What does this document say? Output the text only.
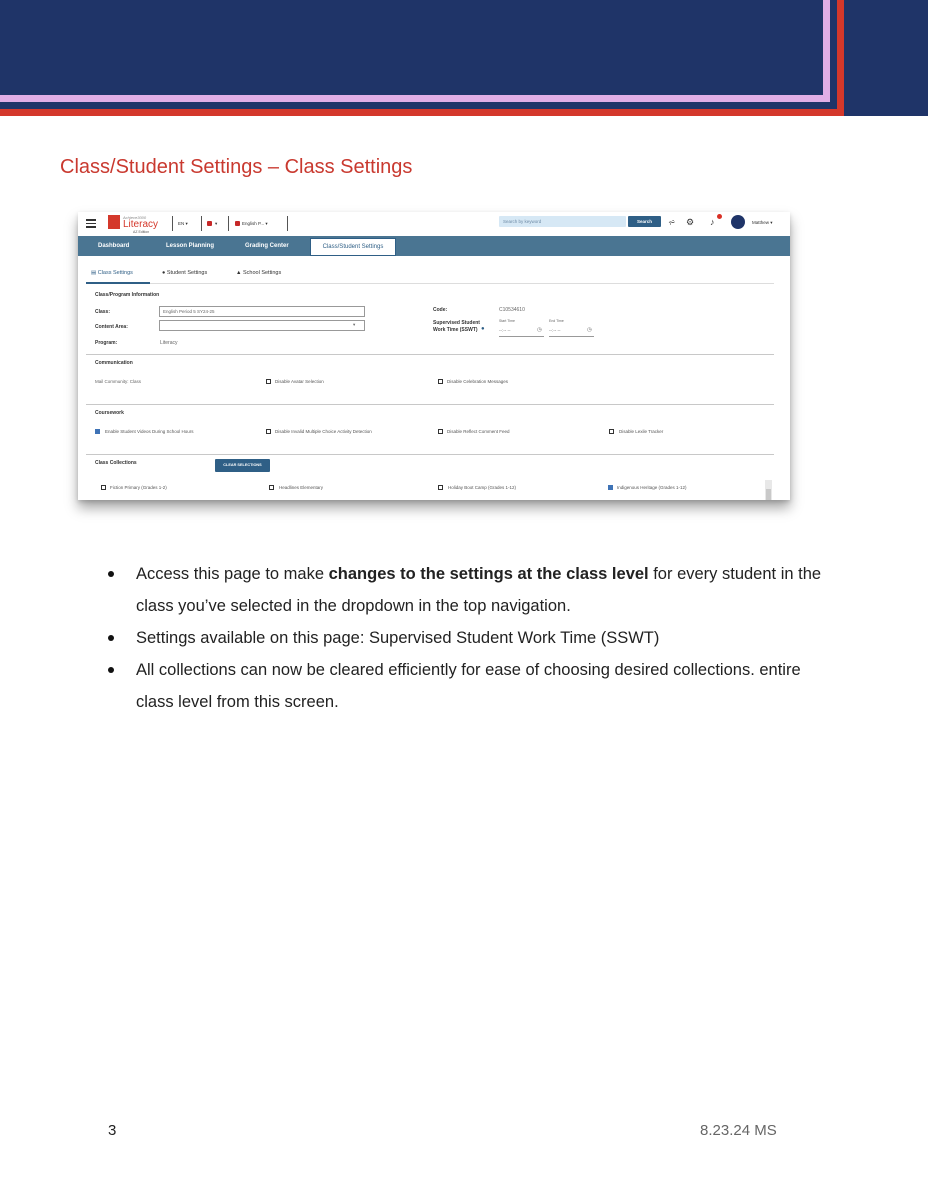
Class/Student Settings – Class Settings
Achieve3000
Literacy
AZ Edition
EN ▾	▾	English P... ▾	Search by keyword	Search	⩫ ⚙ ♪	Matthew ▾
Dashboard	Lesson Planning	Grading Center	Class/Student Settings
▤ Class Settings	● Student Settings	▲ School Settings
Class/Program Information
Class:	English Period 5 SY24-25
Content Area:	▾
Program:	Literacy
Code:	C10534610
Supervised Student
Work Time (SSWT) ●
Start Time	End Time
--:-- --	◷ --:-- --	◷
Communication
Mail Community: Class	Disable Avatar Selection	Disable Celebration Messages
Coursework
Enable Student Videos During School Hours	Disable Invalid Multiple Choice Activity Detection	Disable Reflect Comment Feed	Disable Lexile Tracker
Class Collections	CLEAR SELECTIONS
Fiction Primary (Grades 1-2)	Headlines Elementary	Holiday Boot Camp (Grades 1-12)	Indigenous Heritage (Grades 1-12)
Access this page to make changes to the settings at the class level for every student in the class you’ve selected in the dropdown in the top navigation.
Settings available on this page: Supervised Student Work Time (SSWT)
All collections can now be cleared efficiently for ease of choosing desired collections. entire class level from this screen.
3	8.23.24 MS
